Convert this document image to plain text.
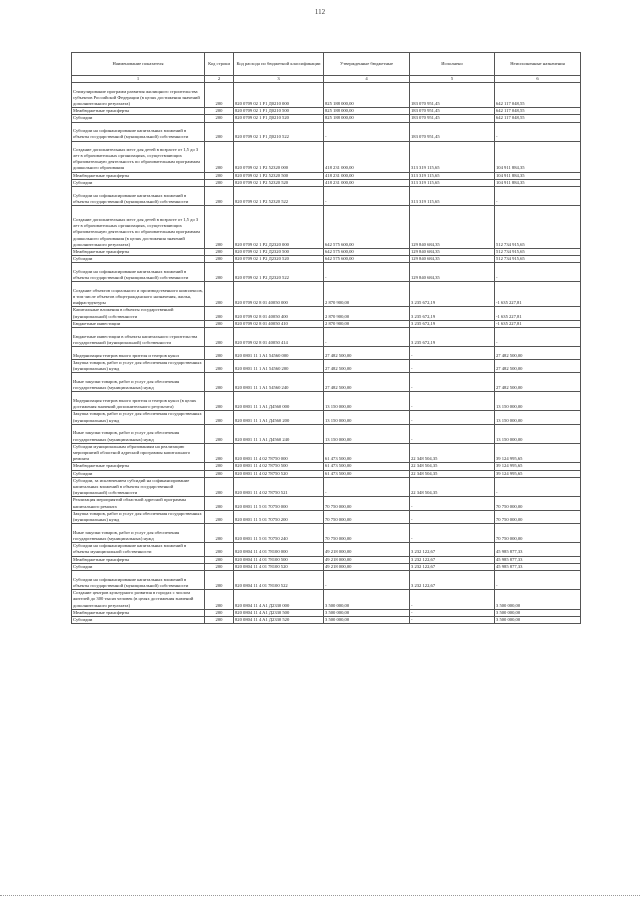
112
Наименование показателя	Код строки	Код расхода по бюджетной классификации	Утвержденные бюджетные	Исполнено	Неисполненные назначения
1	2	3	4	5	6
Стимулирование программ развития жилищного строительства субъектов Российской Федерации (в целях достижения значений дополнительного результата)	200	820 0709 02 1 F1 Д0210 000	825 188 000,00	183 070 951,45	642 117 048,55
Межбюджетные трансферты	200	820 0709 02 1 F1 Д0210 500	825 188 000,00	183 070 951,45	642 117 048,55
Субсидии	200	820 0709 02 1 F1 Д0210 520	825 188 000,00	183 070 951,45	642 117 048,55
Субсидии на софинансирование капитальных вложений в объекты государственной (муниципальной) собственности	200	820 0709 02 1 F1 Д0210 522	-	183 070 951,45	-
Создание дополнительных мест для детей в возрасте от 1,5 до 3 лет в образовательных организациях, осуществляющих образовательную деятельность по образовательным программам дошкольного образования	200	820 0709 02 1 P2 52320 000	418 231 000,00	313 319 115,65	104 911 884,35
Межбюджетные трансферты	200	820 0709 02 1 P2 52320 500	418 231 000,00	313 319 115,65	104 911 884,35
Субсидии	200	820 0709 02 1 P2 52320 520	418 231 000,00	313 319 115,65	104 911 884,35
Субсидии на софинансирование капитальных вложений в объекты государственной (муниципальной) собственности	200	820 0709 02 1 P2 52320 522	-	313 319 115,65	-
Создание дополнительных мест для детей в возрасте от 1,5 до 3 лет в образовательных организациях, осуществляющих образовательную деятельность по образовательным программам дошкольного образования (в целях достижения значений дополнительного результата)	200	820 0709 02 1 P2 Д2320 000	642 575 600,00	129 840 684,35	512 734 915,65
Межбюджетные трансферты	200	820 0709 02 1 P2 Д2320 500	642 575 600,00	129 840 684,35	512 734 915,65
Субсидии	200	820 0709 02 1 P2 Д2320 520	642 575 600,00	129 840 684,35	512 734 915,65
Субсидии на софинансирование капитальных вложений в объекты государственной (муниципальной) собственности	200	820 0709 02 1 P2 Д2320 522	-	129 840 684,35	-
Создание объектов социального и производственного комплексов, в том числе объектов общегражданского назначения, жилья, инфраструктуры	200	820 0709 02 8 01 40050 000	2 870 900,00	3 235 672,19	-1 635 227,81
Капитальные вложения в объекты государственной (муниципальной) собственности	200	820 0709 02 8 01 40050 400	2 870 900,00	3 235 672,19	-1 635 227,81
Бюджетные инвестиции	200	820 0709 02 8 01 40050 410	2 870 900,00	3 235 672,19	-1 635 227,81
Бюджетные инвестиции в объекты капитального строительства государственной (муниципальной) собственности	200	820 0709 02 8 01 40050 414	-	3 235 672,19	-
Модернизация театров юного зрителя и театров кукол	200	820 0801 11 1 A1 54560 000	27 482 500,00	-	27 482 500,00
Закупка товаров, работ и услуг для обеспечения государственных (муниципальных) нужд	200	820 0801 11 1 A1 54560 200	27 482 500,00	-	27 482 500,00
Иные закупки товаров, работ и услуг для обеспечения государственных (муниципальных) нужд	200	820 0801 11 1 A1 54560 240	27 482 500,00	-	27 482 500,00
Модернизация театров юного зрителя и театров кукол (в целях достижения значений дополнительного результата)	200	820 0801 11 1 A1 Д4560 000	13 150 000,00	-	13 150 000,00
Закупка товаров, работ и услуг для обеспечения государственных (муниципальных) нужд	200	820 0801 11 1 A1 Д4560 200	13 150 000,00	-	13 150 000,00
Иные закупки товаров, работ и услуг для обеспечения государственных (муниципальных) нужд	200	820 0801 11 1 A1 Д4560 240	13 150 000,00	-	13 150 000,00
Субсидии муниципальным образованиям на реализацию мероприятий областной адресной программы капитального ремонта	200	820 0801 11 4 02 78750 000	61 473 500,00	22 348 504,35	39 124 995,65
Межбюджетные трансферты	200	820 0801 11 4 02 78750 500	61 473 500,00	22 348 504,35	39 124 995,65
Субсидии	200	820 0801 11 4 02 78750 520	61 473 500,00	22 348 504,35	39 124 995,65
Субсидии, за исключением субсидий на софинансирование капитальных вложений в объекты государственной (муниципальной) собственности	200	820 0801 11 4 02 78750 521	-	22 348 504,35	-
Реализация мероприятий областной адресной программы капитального ремонта	200	820 0801 11 5 01 70750 000	70 750 000,00	-	70 750 000,00
Закупка товаров, работ и услуг для обеспечения государственных (муниципальных) нужд	200	820 0801 11 5 01 70750 200	70 750 000,00	-	70 750 000,00
Иные закупки товаров, работ и услуг для обеспечения государственных (муниципальных) нужд	200	820 0801 11 5 01 70750 240	70 750 000,00	-	70 750 000,00
Субсидии на софинансирование капитальных вложений в объекты муниципальной собственности	200	820 0804 11 4 01 78100 000	49 218 000,00	3 232 122,67	45 985 877,33
Межбюджетные трансферты	200	820 0804 11 4 01 78100 500	49 218 000,00	3 232 122,67	45 985 877,33
Субсидии	200	820 0804 11 4 01 78100 520	49 218 000,00	3 232 122,67	45 985 877,33
Субсидии на софинансирование капитальных вложений в объекты государственной (муниципальной) собственности	200	820 0804 11 4 01 78100 522	-	3 232 122,67	-
Создание центров культурного развития в городах с числом жителей до 300 тысяч человек (в целях достижения значений дополнительного результата)	200	820 0804 11 4 A1 Д2330 000	3 500 000,00	-	3 500 000,00
Межбюджетные трансферты	200	820 0804 11 4 A1 Д2330 500	3 500 000,00	-	3 500 000,00
Субсидии	200	820 0804 11 4 A1 Д2330 520	3 500 000,00	-	3 500 000,00
